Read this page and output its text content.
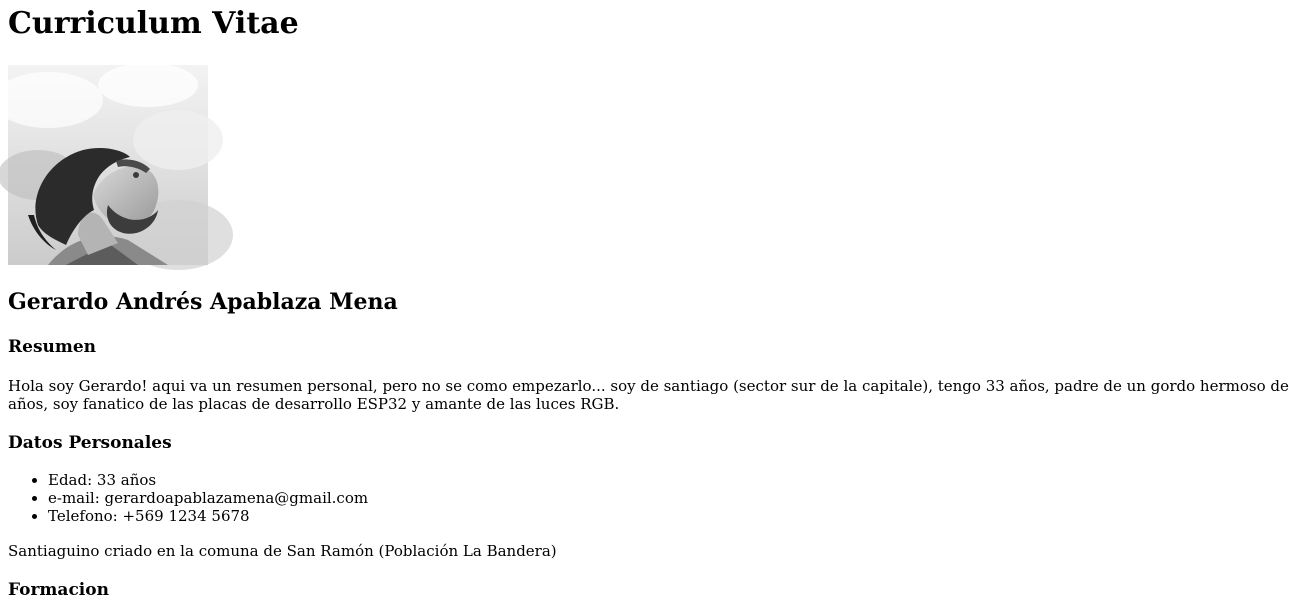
Curriculum Vitae
Gerardo Andrés Apablaza Mena
Resumen

Hola soy Gerardo! aqui va un resumen personal, pero no se como empezarlo... soy de santiago (sector sur de la capitale), tengo 33 años, padre de un gordo hermoso de

años, soy fanatico de las placas de desarrollo ESP32 y amante de las luces RGB.

Datos Personales
• Edad: 33 años
• e-mail: gerardoapablazamena@gmail.com
• Telefono: +569 1234 5678

Santiaguino criado en la comuna de San Ramón (Población La Bandera)

Formacion
